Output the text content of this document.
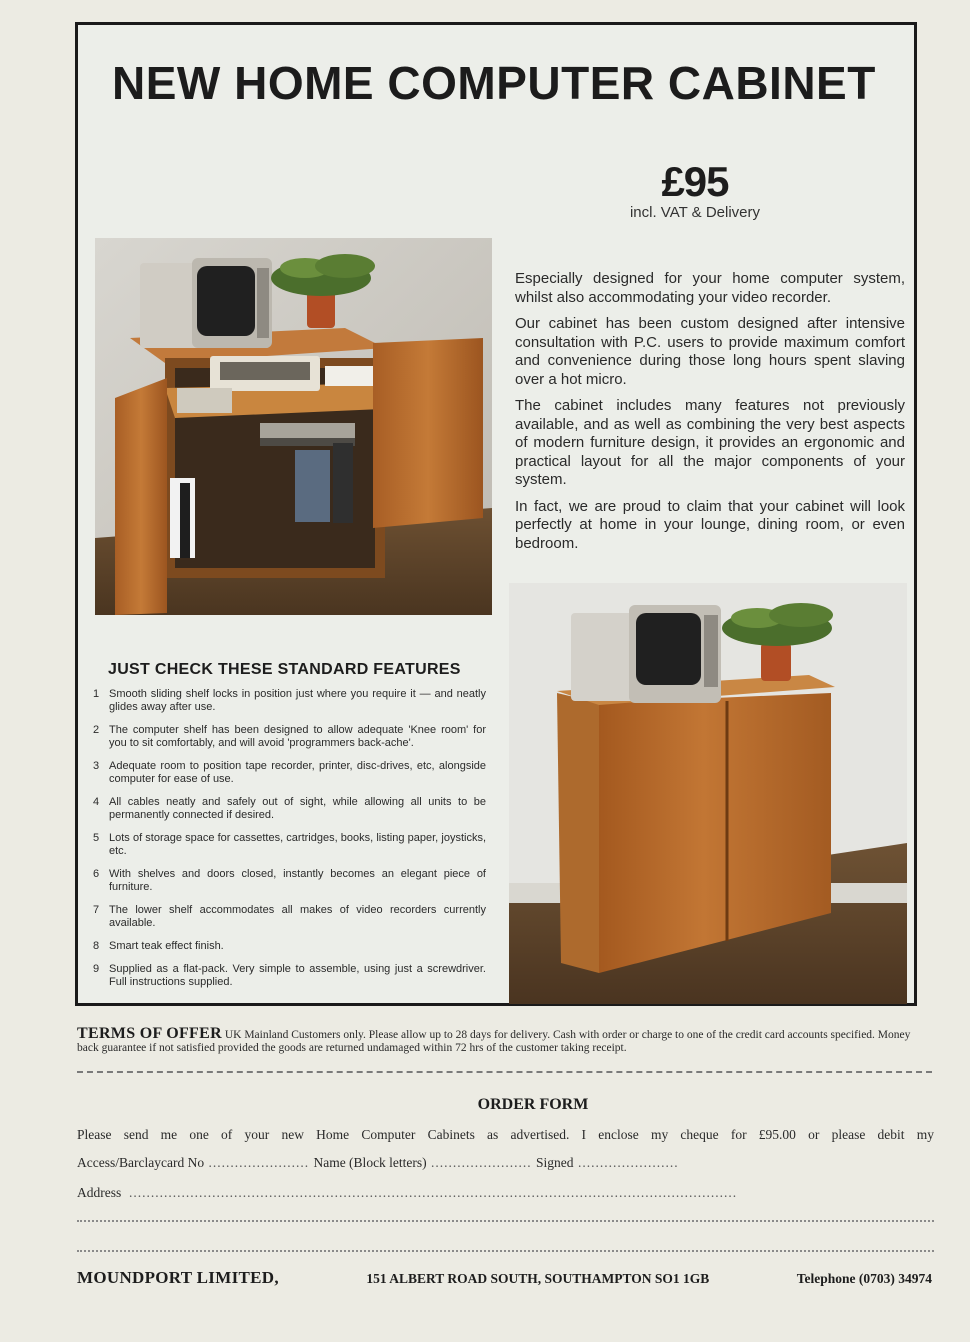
NEW HOME COMPUTER CABINET
£95
incl. VAT & Delivery

Especially designed for your home computer system, whilst also accommodating your video recorder.

Our cabinet has been custom designed after intensive consultation with P.C. users to provide maximum comfort and convenience during those long hours spent slaving over a hot micro.

The cabinet includes many features not previously available, and as well as combining the very best aspects of modern furniture design, it provides an ergonomic and practical layout for all the major components of your system.

In fact, we are proud to claim that your cabinet will look perfectly at home in your lounge, dining room, or even bedroom.

JUST CHECK THESE STANDARD FEATURES
1 Smooth sliding shelf locks in position just where you require it — and neatly glides away after use.
2 The computer shelf has been designed to allow adequate 'Knee room' for you to sit comfortably, and will avoid 'programmers back-ache'.
3 Adequate room to position tape recorder, printer, disc-drives, etc, alongside computer for ease of use.
4 All cables neatly and safely out of sight, while allowing all units to be permanently connected if desired.
5 Lots of storage space for cassettes, cartridges, books, listing paper, joysticks, etc.
6 With shelves and doors closed, instantly becomes an elegant piece of furniture.
7 The lower shelf accommodates all makes of video recorders currently available.
8 Smart teak effect finish.
9 Supplied as a flat-pack. Very simple to assemble, using just a screwdriver. Full instructions supplied.
TERMS OF OFFER UK Mainland Customers only. Please allow up to 28 days for delivery. Cash with order or charge to one of the credit card accounts specified. Money back guarantee if not satisfied provided the goods are returned undamaged within 72 hrs of the customer taking receipt.
ORDER FORM
Please send me one of your new Home Computer Cabinets as advertised. I enclose my cheque for £95.00 or please debit my
Access/Barclaycard No ....................... Name (Block letters) ....................... Signed .......................
Address  ...........................................................................................................................................
MOUNDPORT LIMITED,	151 ALBERT ROAD SOUTH, SOUTHAMPTON SO1 1GB	Telephone (0703) 34974
